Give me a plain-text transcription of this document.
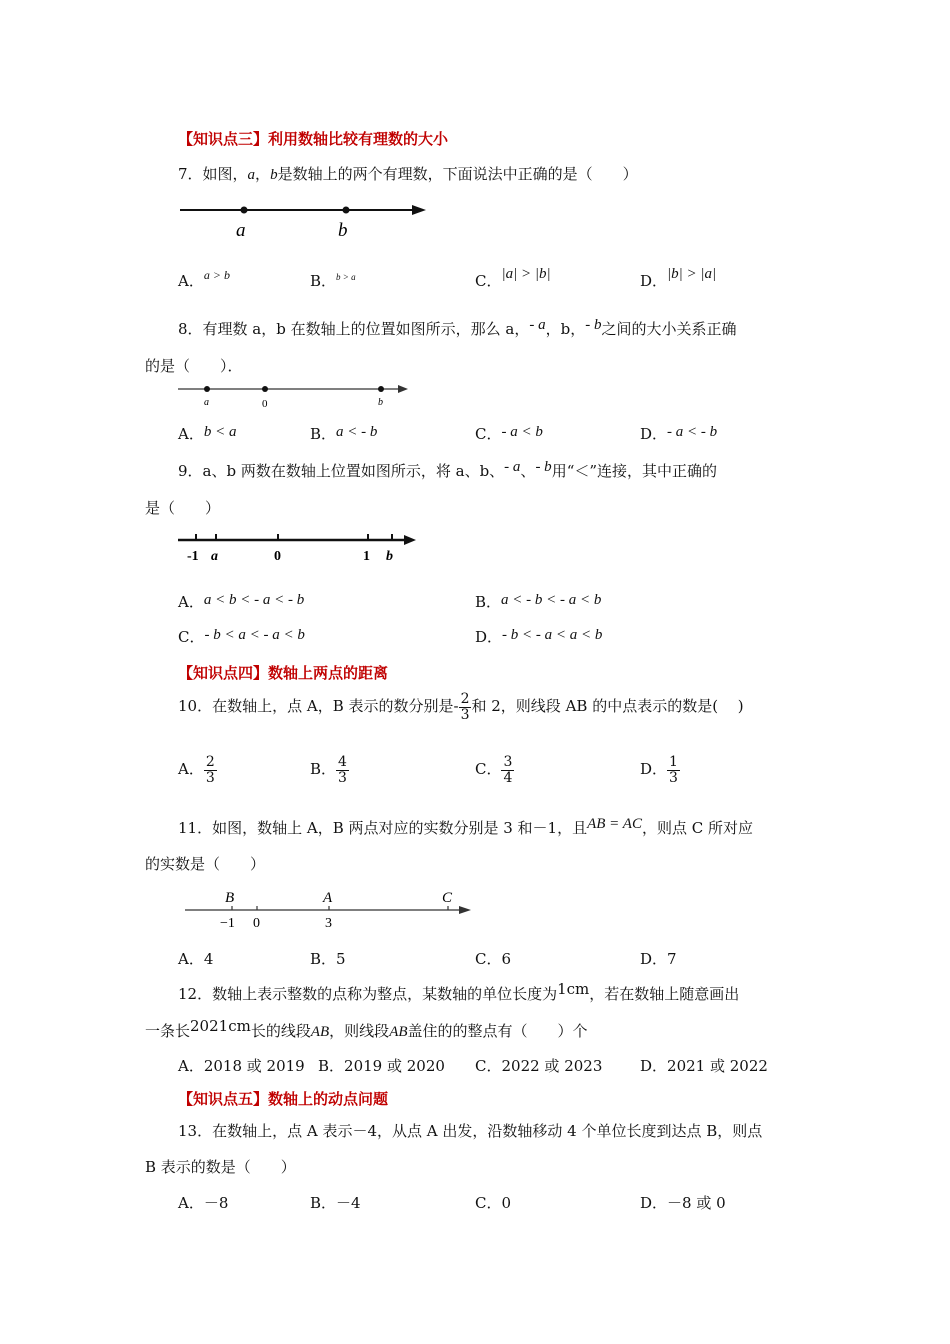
【知识点三】利用数轴比较有理数的大小
7．如图，a，b是数轴上的两个有理数，下面说法中正确的是（　　）
a	b
A．$^{a > b}$	B．$^{b > a}$	C．|a| > |b|	D．|b| > |a|
8．有理数 a，b 在数轴上的位置如图所示，那么 a，- a，b，- b之间的大小关系正确
的是（　　）．
a	0	b
A．b < a	B．a < - b	C．- a < b	D．- a < - b
9．a、b 两数在数轴上位置如图所示，将 a、b、- a、- b用“＜”连接，其中正确的
是（　　）
-1 a	0	1 b
A．a < b < - a < - b	B．a < - b < - a < b
C．- b < a < - a < b	D．- b < - a < a < b
【知识点四】数轴上两点的距离
10．在数轴上，点 A，B 表示的数分别是- $\frac{2}{3}$ 和 2，则线段 AB 的中点表示的数是(　 )
A． $\frac{2}{3}$	B． $\frac{4}{3}$	C． $\frac{3}{4}$	D． $\frac{1}{3}$
11．如图，数轴上 A，B 两点对应的实数分别是 3 和－1，且AB = AC，则点 C 所对应
的实数是（　　）
B	A	C
−1 0	3
A．4	B．5	C．6	D．7
12．数轴上表示整数的点称为整点，某数轴的单位长度为1cm，若在数轴上随意画出
一条长2021cm长的线段AB，则线段AB盖住的的整点有（　　）个
A．2018 或 2019 B．2019 或 2020 C．2022 或 2023	D．2021 或 2022
【知识点五】数轴上的动点问题
13．在数轴上，点 A 表示－4，从点 A 出发，沿数轴移动 4 个单位长度到达点 B，则点
B 表示的数是（　　）
A．－8	B．－4	C．0	D．－8 或 0
